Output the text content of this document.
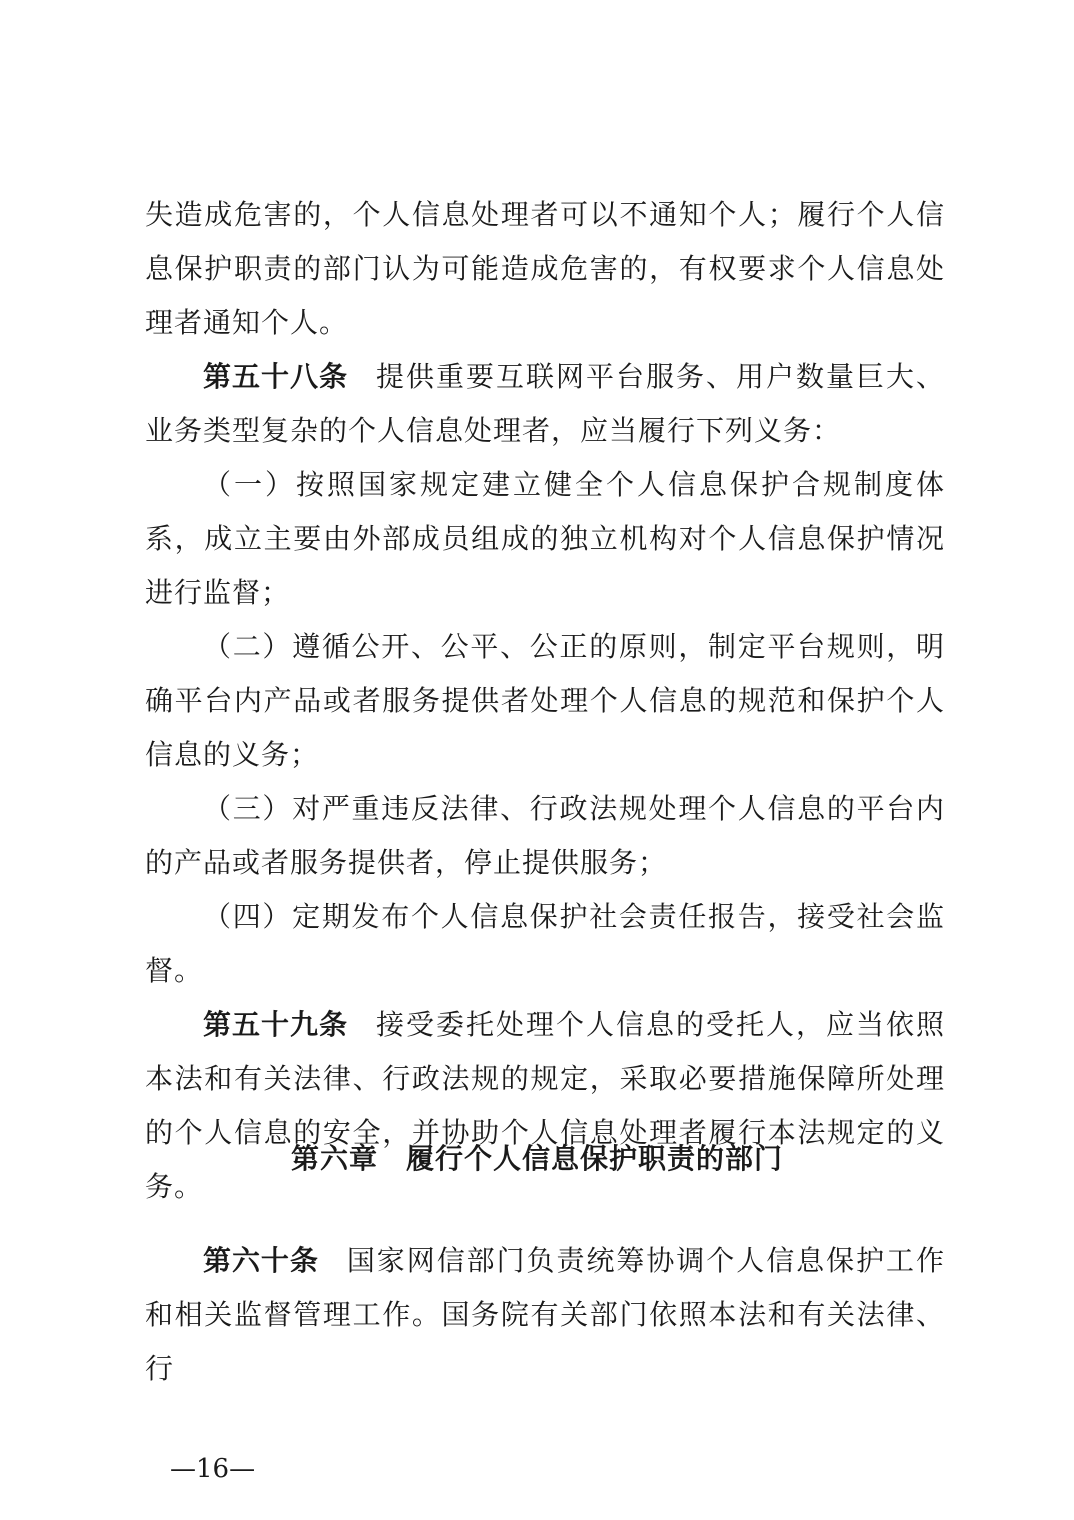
失造成危害的，个人信息处理者可以不通知个人；履行个人信息保护职责的部门认为可能造成危害的，有权要求个人信息处理者通知个人。

第五十八条 提供重要互联网平台服务、用户数量巨大、业务类型复杂的个人信息处理者，应当履行下列义务：

（一）按照国家规定建立健全个人信息保护合规制度体系，成立主要由外部成员组成的独立机构对个人信息保护情况进行监督；

（二）遵循公开、公平、公正的原则，制定平台规则，明确平台内产品或者服务提供者处理个人信息的规范和保护个人信息的义务；

（三）对严重违反法律、行政法规处理个人信息的平台内的产品或者服务提供者，停止提供服务；

（四）定期发布个人信息保护社会责任报告，接受社会监督。

第五十九条 接受委托处理个人信息的受托人，应当依照本法和有关法律、行政法规的规定，采取必要措施保障所处理的个人信息的安全，并协助个人信息处理者履行本法规定的义务。

第六章 履行个人信息保护职责的部门

第六十条 国家网信部门负责统筹协调个人信息保护工作和相关监督管理工作。国务院有关部门依照本法和有关法律、行

—16—
